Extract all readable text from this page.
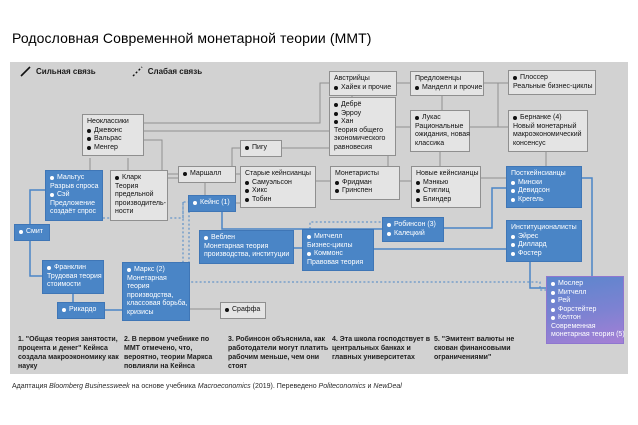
Родословная Современной монетарной теории (ММТ)
Сильная связь	Слабая связь
Неоклассики
Джевонс
Вальрас
Менгер
Австрийцы
Хайек и прочие
Предложенцы
Манделл и прочие
Плоссер
Реальные бизнес-циклы
Дебрё
Эрроу
Хан
Теория общего
экономического
равновесия
Лукас
Рациональные
ожидания, новая
классика
Бернанке (4)
Новый монетарный
макроэкономический
консенсус
Пигу
Маршалл
Кларк
Теория
предельной
производитель-
ности
Старые кейнсианцы
Самуэльсон
Хикс
Тобин
Монетаристы
Фридман
Гринспен
Новые кейнсианцы
Мэнкью
Стиглиц
Блиндер
Сраффа
Смит
Мальтус
Разрыв спроса
Сэй
Предложение
создаёт спрос
Франклин
Трудовая теория
стоимости
Рикардо
Маркс (2)
Монетарная
теория
производства,
классовая борьба,
кризисы
Кейнс (1)
Веблен
Монетарная теория
производства, институции
Митчелл
Бизнес-циклы
Коммонс
Правовая теория
Робинсон (3)
Калецкий
Посткейнсианцы
Мински
Девидсон
Крегель
Институционалисты
Эйрес
Диллард
Фостер
Мослер
Митчелл
Рей
Форстейтер
Келтон
Современная
монетарная теория (5)
1. "Общая теория занятости, процента и денег" Кейнса создала макроэкономику как науку
2. В первом учебнике по ММТ отмечено, что, вероятно, теории Маркса повлияли на Кейнса
3. Робинсон объяснила, как работодатели могут платить рабочим меньше, чем они стоят
4. Эта школа господствует в центральных банках и главных университетах
5. "Эмитент валюты не скован финансовыми ограничениями"
Адаптация Bloomberg Businessweek на основе учебника Macroeconomics (2019). Переведено Politeconomics и NewDeal
